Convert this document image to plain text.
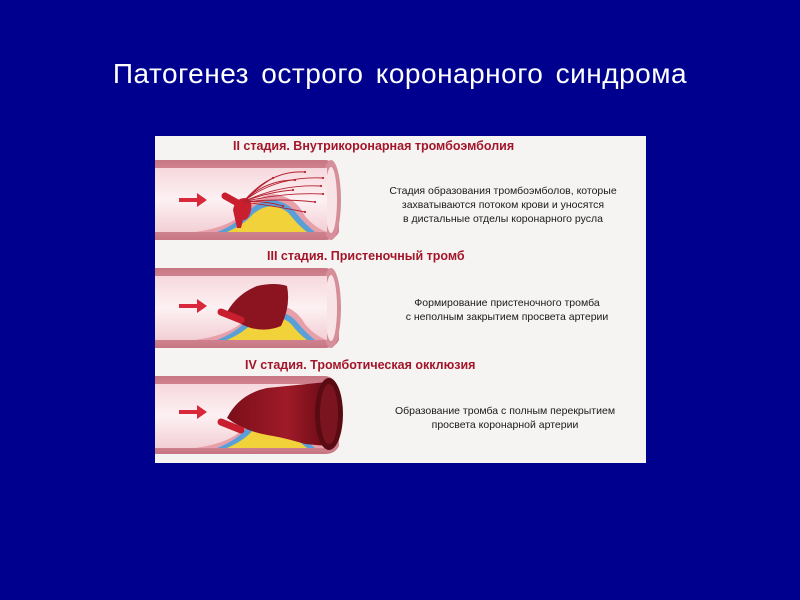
Патогенез острого коронарного синдрома
II стадия. Внутрикоронарная тромбоэмболия
Стадия образования тромбоэмболов, которые
захватываются потоком крови и уносятся
в дистальные отделы коронарного русла
III стадия. Пристеночный тромб
Формирование пристеночного тромба
с неполным закрытием просвета артерии
IV стадия. Тромботическая окклюзия
Образование тромба с полным перекрытием
просвета коронарной артерии
